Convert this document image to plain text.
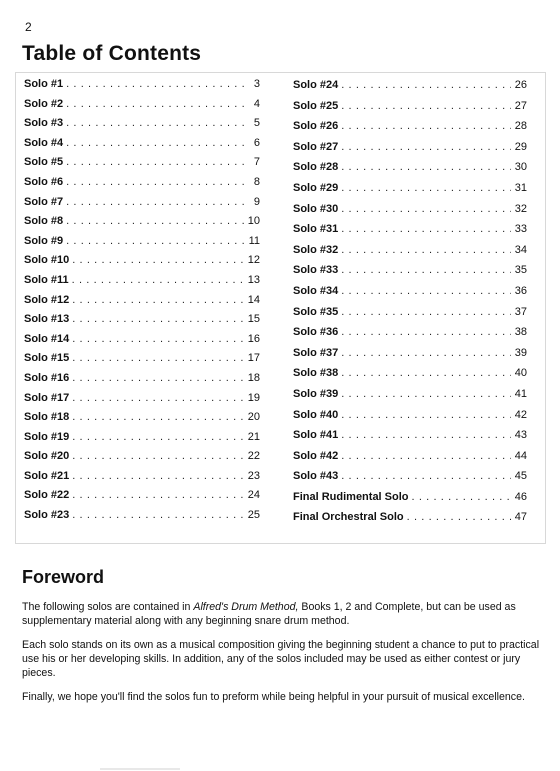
2
Table of Contents
Solo #1 . . .	3
Solo #2 . . .	4
Solo #3 . . .	5
Solo #4 . . .	6
Solo #5 . . .	7
Solo #6 . . .	8
Solo #7 . . .	9
Solo #8 . . .	10
Solo #9 . . .	11
Solo #10 . . .	12
Solo #11 . . .	13
Solo #12 . . .	14
Solo #13 . . .	15
Solo #14 . . .	16
Solo #15 . . .	17
Solo #16 . . .	18
Solo #17 . . .	19
Solo #18 . . .	20
Solo #19 . . .	21
Solo #20 . . .	22
Solo #21 . . .	23
Solo #22 . . .	24
Solo #23 . . .	25
Solo #24 . . .	26
Solo #25 . . .	27
Solo #26 . . .	28
Solo #27 . . .	29
Solo #28 . . .	30
Solo #29 . . .	31
Solo #30 . . .	32
Solo #31 . . .	33
Solo #32 . . .	34
Solo #33 . . .	35
Solo #34 . . .	36
Solo #35 . . .	37
Solo #36 . . .	38
Solo #37 . . .	39
Solo #38 . . .	40
Solo #39 . . .	41
Solo #40 . . .	42
Solo #41 . . .	43
Solo #42 . . .	44
Solo #43 . . .	45
Final Rudimental Solo . . .	46
Final Orchestral Solo . . .	47
Foreword

The following solos are contained in Alfred's Drum Method, Books 1, 2 and Complete, but can be used as supplementary material along with any beginning snare drum method.

Each solo stands on its own as a musical composition giving the beginning student a chance to put to practical use his or her developing skills. In addition, any of the solos included may be used as either contest or jury pieces.

Finally, we hope you'll find the solos fun to preform while being helpful in your pursuit of musical excellence.
